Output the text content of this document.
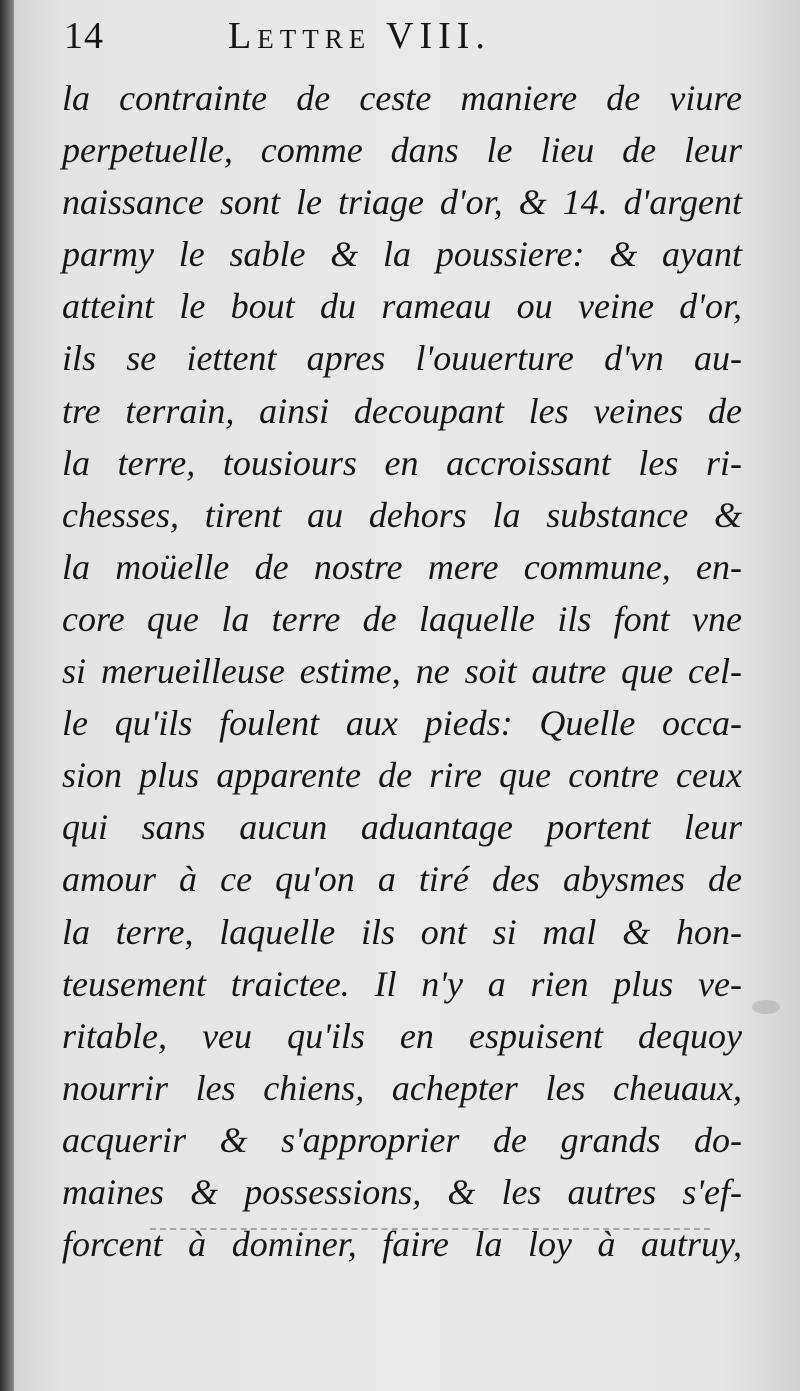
14	Lettre VIII.
la contrainte de ceste maniere de viure
perpetuelle, comme dans le lieu de leur
naissance sont le triage d'or, & 14. d'argent
parmy le sable & la poussiere: & ayant
atteint le bout du rameau ou veine d'or,
ils se iettent apres l'ouuerture d'vn au-
tre terrain, ainsi decoupant les veines de
la terre, tousiours en accroissant les ri-
chesses, tirent au dehors la substance &
la moüelle de nostre mere commune, en-
core que la terre de laquelle ils font vne
si merueilleuse estime, ne soit autre que cel-
le qu'ils foulent aux pieds: Quelle occa-
sion plus apparente de rire que contre ceux
qui sans aucun aduantage portent leur
amour à ce qu'on a tiré des abysmes de
la terre, laquelle ils ont si mal & hon-
teusement traictee. Il n'y a rien plus ve-
ritable, veu qu'ils en espuisent dequoy
nourrir les chiens, achepter les cheuaux,
acquerir & s'approprier de grands do-
maines & possessions, & les autres s'ef-
forcent à dominer, faire la loy à autruy,
